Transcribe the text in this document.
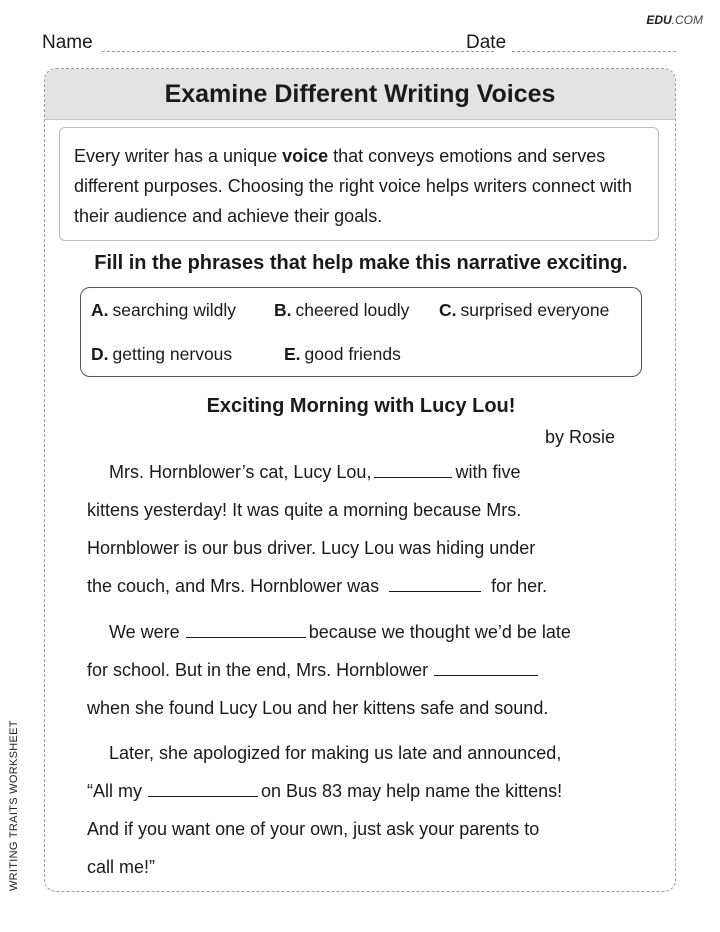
EDU.COM
Name	Date
Examine Different Writing Voices
Every writer has a unique voice that conveys emotions and serves different purposes. Choosing the right voice helps writers connect with their audience and achieve their goals.
Fill in the phrases that help make this narrative exciting.
A. searching wildly B. cheered loudly C. surprised everyone
D. getting nervous	E. good friends
Exciting Morning with Lucy Lou!
by Rosie
Mrs. Hornblower’s cat, Lucy Lou,	with five
kittens yesterday! It was quite a morning because Mrs.
Hornblower is our bus driver. Lucy Lou was hiding under
the couch, and Mrs. Hornblower was	for her.
We were	because we thought we’d be late
for school. But in the end, Mrs. Hornblower
when she found Lucy Lou and her kittens safe and sound.
Later, she apologized for making us late and announced,
“All my	on Bus 83 may help name the kittens!
And if you want one of your own, just ask your parents to
call me!”
WRITING TRAITS WORKSHEET
